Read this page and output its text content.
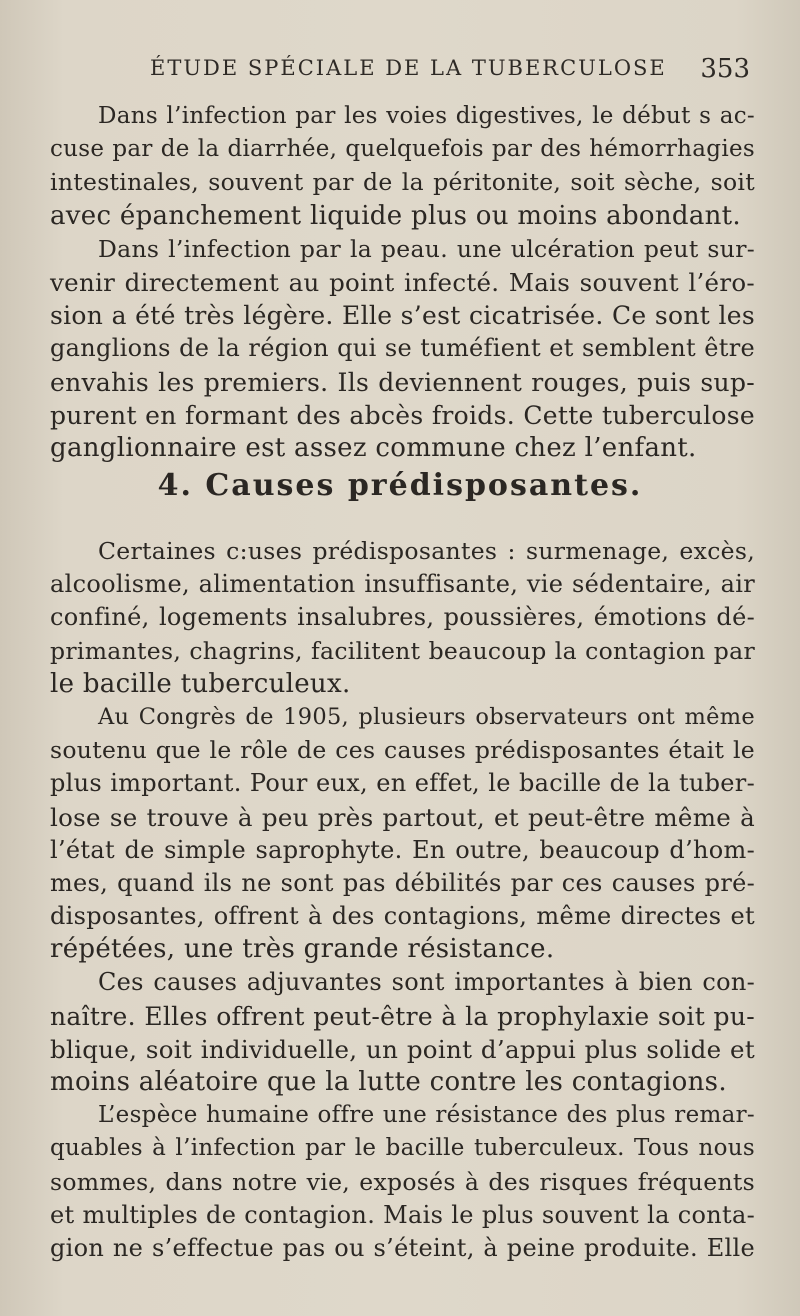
ÉTUDE SPÉCIALE DE LA TUBERCULOSE 353
Dans l’infection par les voies digestives, le début s ac-
cuse par de la diarrhée, quelquefois par des hémorrhagies
intestinales, souvent par de la péritonite, soit sèche, soit
avec épanchement liquide plus ou moins abondant.
Dans l’infection par la peau. une ulcération peut sur-
venir directement au point infecté. Mais souvent l’éro-
sion a été très légère. Elle s’est cicatrisée. Ce sont les
ganglions de la région qui se tuméfient et semblent être
envahis les premiers. Ils deviennent rouges, puis sup-
purent en formant des abcès froids. Cette tuberculose
ganglionnaire est assez commune chez l’enfant.
4. Causes prédisposantes.
Certaines c:uses prédisposantes : surmenage, excès,
alcoolisme, alimentation insuffisante, vie sédentaire, air
confiné, logements insalubres, poussières, émotions dé-
primantes, chagrins, facilitent beaucoup la contagion par
le bacille tuberculeux.
Au Congrès de 1905, plusieurs observateurs ont même
soutenu que le rôle de ces causes prédisposantes était le
plus important. Pour eux, en effet, le bacille de la tuber-
lose se trouve à peu près partout, et peut-être même à
l’état de simple saprophyte. En outre, beaucoup d’hom-
mes, quand ils ne sont pas débilités par ces causes pré-
disposantes, offrent à des contagions, même directes et
répétées, une très grande résistance.
Ces causes adjuvantes sont importantes à bien con-
naître. Elles offrent peut-être à la prophylaxie soit pu-
blique, soit individuelle, un point d’appui plus solide et
moins aléatoire que la lutte contre les contagions.
L’espèce humaine offre une résistance des plus remar-
quables à l’infection par le bacille tuberculeux. Tous nous
sommes, dans notre vie, exposés à des risques fréquents
et multiples de contagion. Mais le plus souvent la conta-
gion ne s’effectue pas ou s’éteint, à peine produite. Elle
